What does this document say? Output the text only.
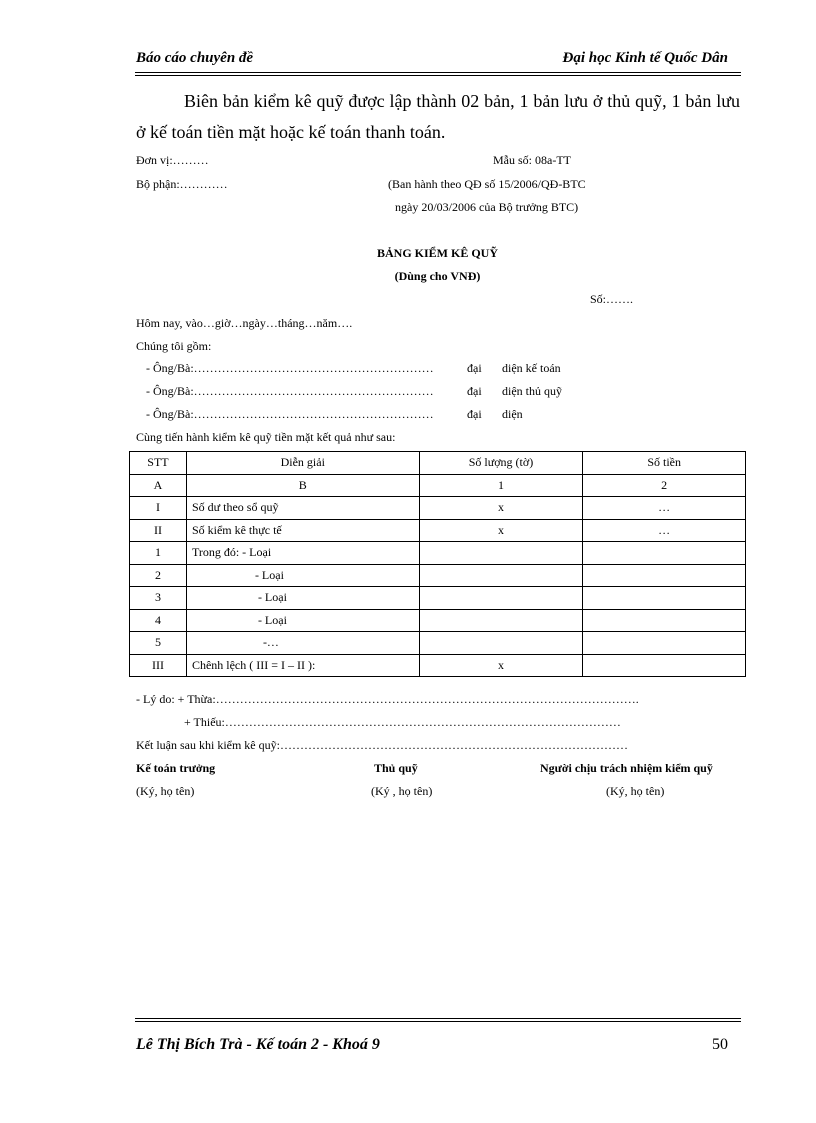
Báo cáo chuyên đề	Đại học Kinh tế Quốc Dân
Biên bản kiểm kê quỹ được lập thành 02 bản, 1 bản lưu ở thủ quỹ, 1 bản lưu ở kế toán tiền mặt hoặc kế toán thanh toán.
Đơn vị:………	Mẫu số: 08a-TT
Bộ phận:…………	(Ban hành theo QĐ số 15/2006/QĐ-BTC
ngày 20/03/2006 của Bộ trưởng BTC)
BẢNG KIỂM KÊ QUỸ
(Dùng cho VNĐ)
Số:…….
Hôm nay, vào…giờ…ngày…tháng…năm….
Chúng tôi gồm:
- Ông/Bà:……………………………………………………	đại diện kế toán
- Ông/Bà:……………………………………………………	đại diện thủ quỹ
- Ông/Bà:……………………………………………………	đại diện
Cùng tiến hành kiểm kê quỹ tiền mặt kết quả như sau:
STT	Diễn giải	Số lượng (tờ)	Số tiền
A	B	1	2
I	Số dư theo sổ quỹ	x	…
II	Số kiểm kê thực tế	x	…
1	Trong đó: - Loại		
2	- Loại		
3	- Loại		
4	- Loại		
5	-…		
III	Chênh lệch ( III = I – II ):	x	
- Lý do: + Thừa:…………………………………………………………………………………………….
+ Thiếu:………………………………………………………………………………………
Kết luận sau khi kiểm kê quỹ:……………………………………………………………………………
Kế toán trưởng	Thủ quỹ	Người chịu trách nhiệm kiểm quỹ
(Ký, họ tên)	(Ký , họ tên)	(Ký, họ tên)
Lê Thị Bích Trà - Kế toán 2 - Khoá 9	50
